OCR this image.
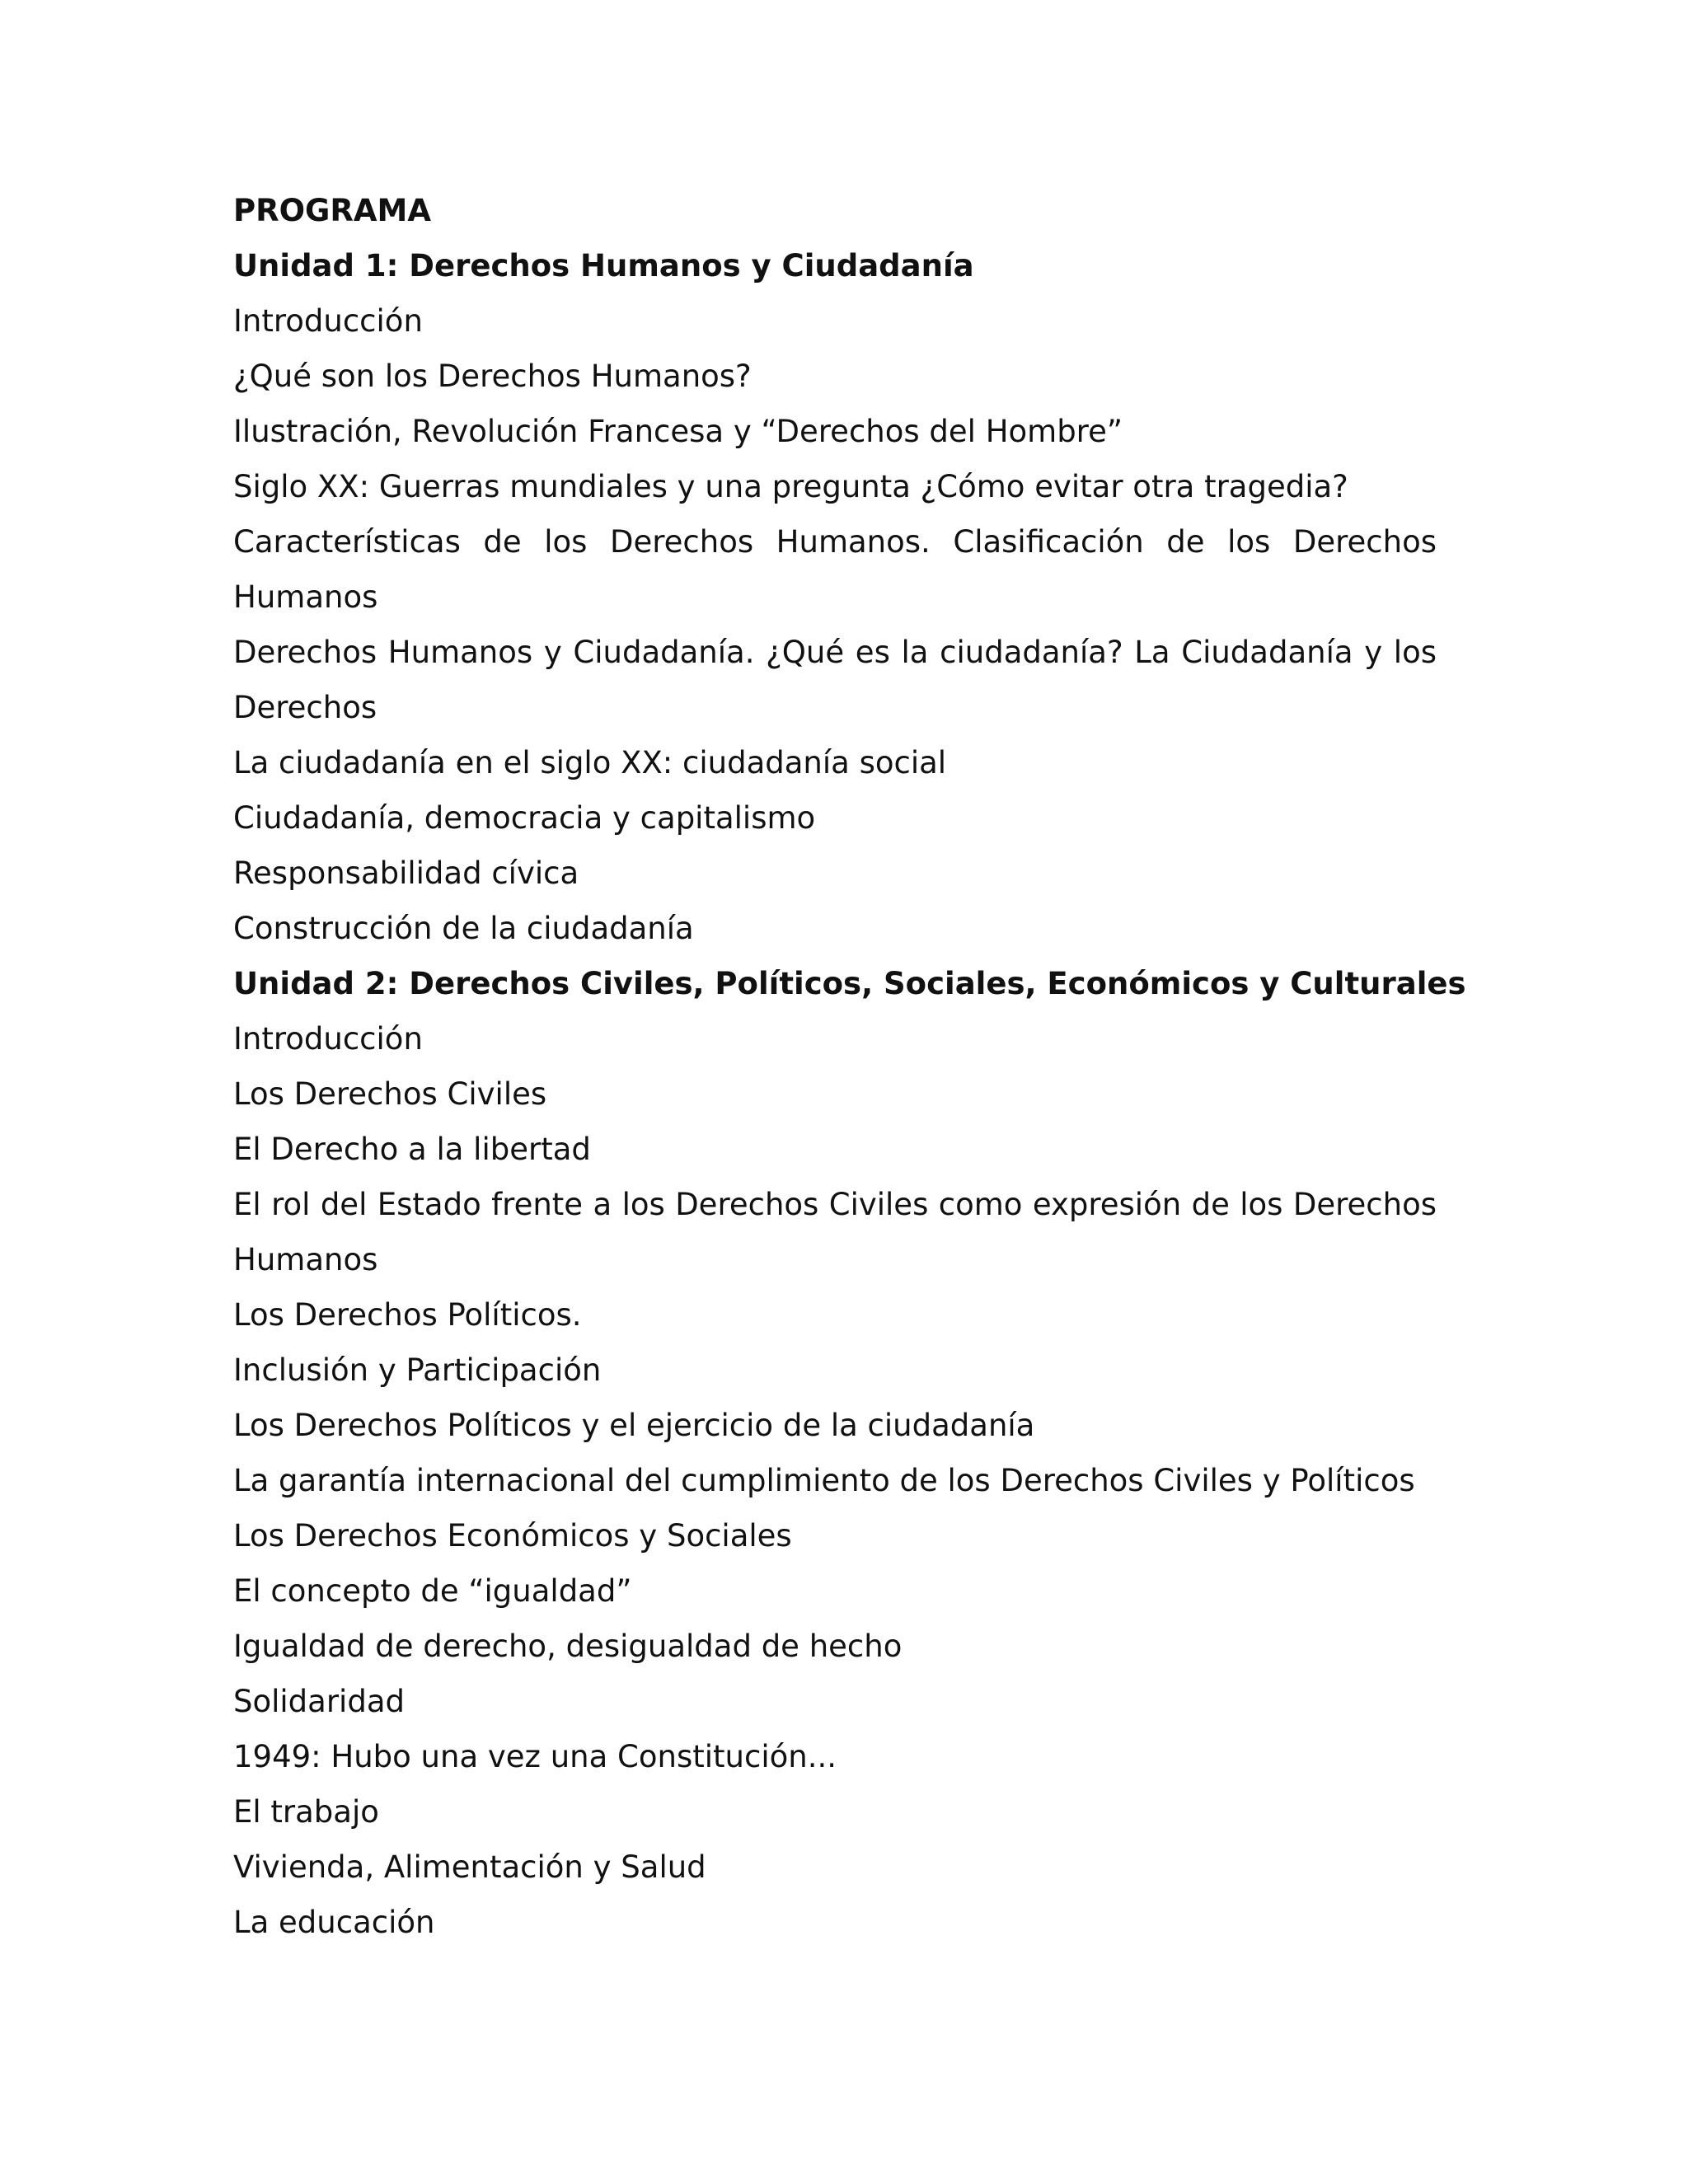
PROGRAMA
Unidad 1: Derechos Humanos y Ciudadanía
Introducción
¿Qué son los Derechos Humanos?
Ilustración, Revolución Francesa y “Derechos del Hombre”
Siglo XX: Guerras mundiales y una pregunta ¿Cómo evitar otra tragedia?
Características de los Derechos Humanos. Clasificación de los Derechos Humanos
Derechos Humanos y Ciudadanía. ¿Qué es la ciudadanía? La Ciudadanía y los Derechos
La ciudadanía en el siglo XX: ciudadanía social
Ciudadanía, democracia y capitalismo
Responsabilidad cívica
Construcción de la ciudadanía
Unidad 2: Derechos Civiles, Políticos, Sociales, Económicos y Culturales
Introducción
Los Derechos Civiles
El Derecho a la libertad
El rol del Estado frente a los Derechos Civiles como expresión de los Derechos Humanos
Los Derechos Políticos.
Inclusión y Participación
Los Derechos Políticos y el ejercicio de la ciudadanía
La garantía internacional del cumplimiento de los Derechos Civiles y Políticos
Los Derechos Económicos y Sociales
El concepto de “igualdad”
Igualdad de derecho, desigualdad de hecho
Solidaridad
1949: Hubo una vez una Constitución...
El trabajo
Vivienda, Alimentación y Salud
La educación
